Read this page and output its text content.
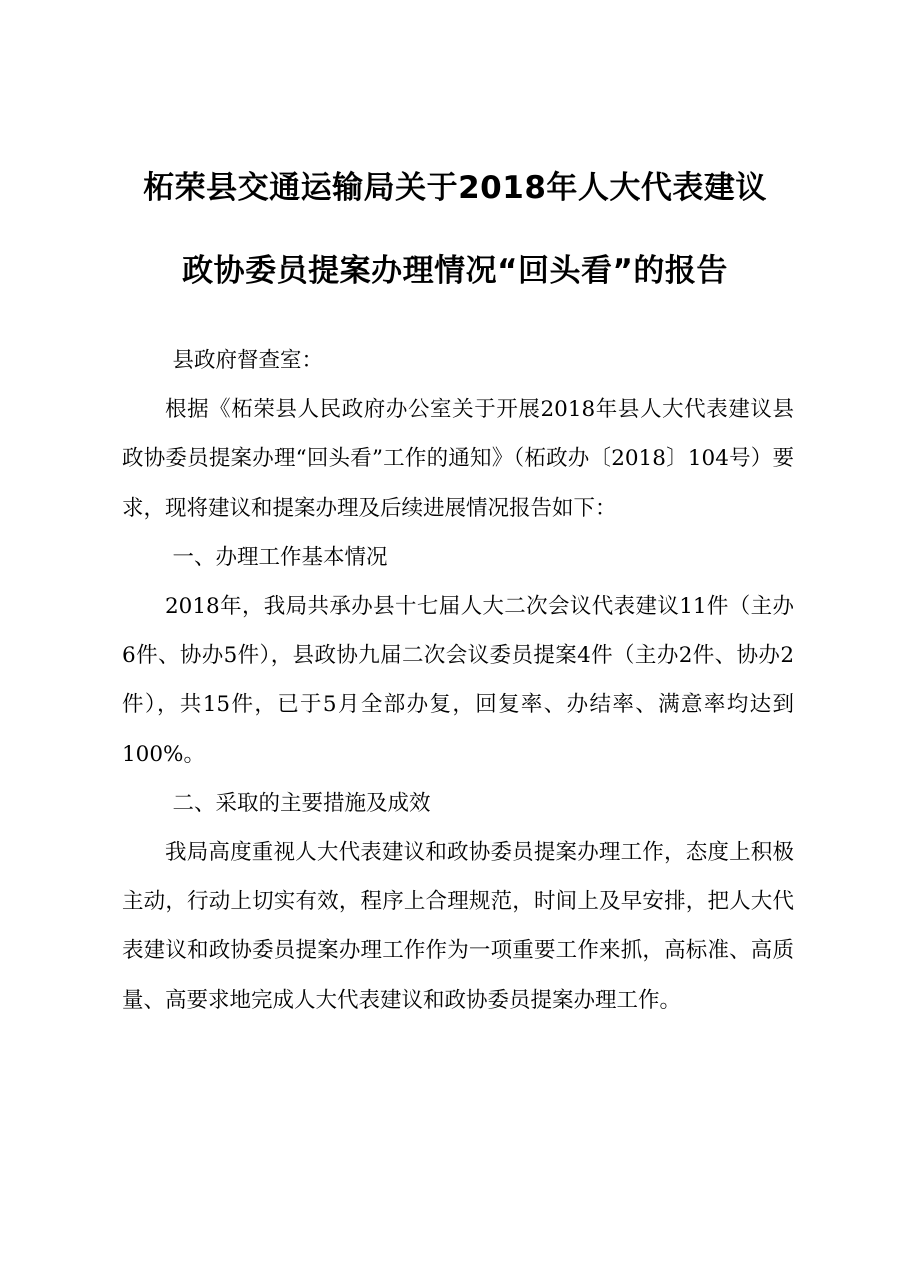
柘荣县交通运输局关于2018年人大代表建议
政协委员提案办理情况“回头看”的报告

县政府督查室：

根据《柘荣县人民政府办公室关于开展2018年县人大代表建议县政协委员提案办理“回头看”工作的通知》（柘政办〔2018〕104号）要求，现将建议和提案办理及后续进展情况报告如下：

一、办理工作基本情况

2018年，我局共承办县十七届人大二次会议代表建议11件（主办6件、协办5件），县政协九届二次会议委员提案4件（主办2件、协办2件），共15件，已于5月全部办复，回复率、办结率、满意率均达到100%。

二、采取的主要措施及成效

我局高度重视人大代表建议和政协委员提案办理工作，态度上积极主动，行动上切实有效，程序上合理规范，时间上及早安排，把人大代表建议和政协委员提案办理工作作为一项重要工作来抓，高标准、高质量、高要求地完成人大代表建议和政协委员提案办理工作。
